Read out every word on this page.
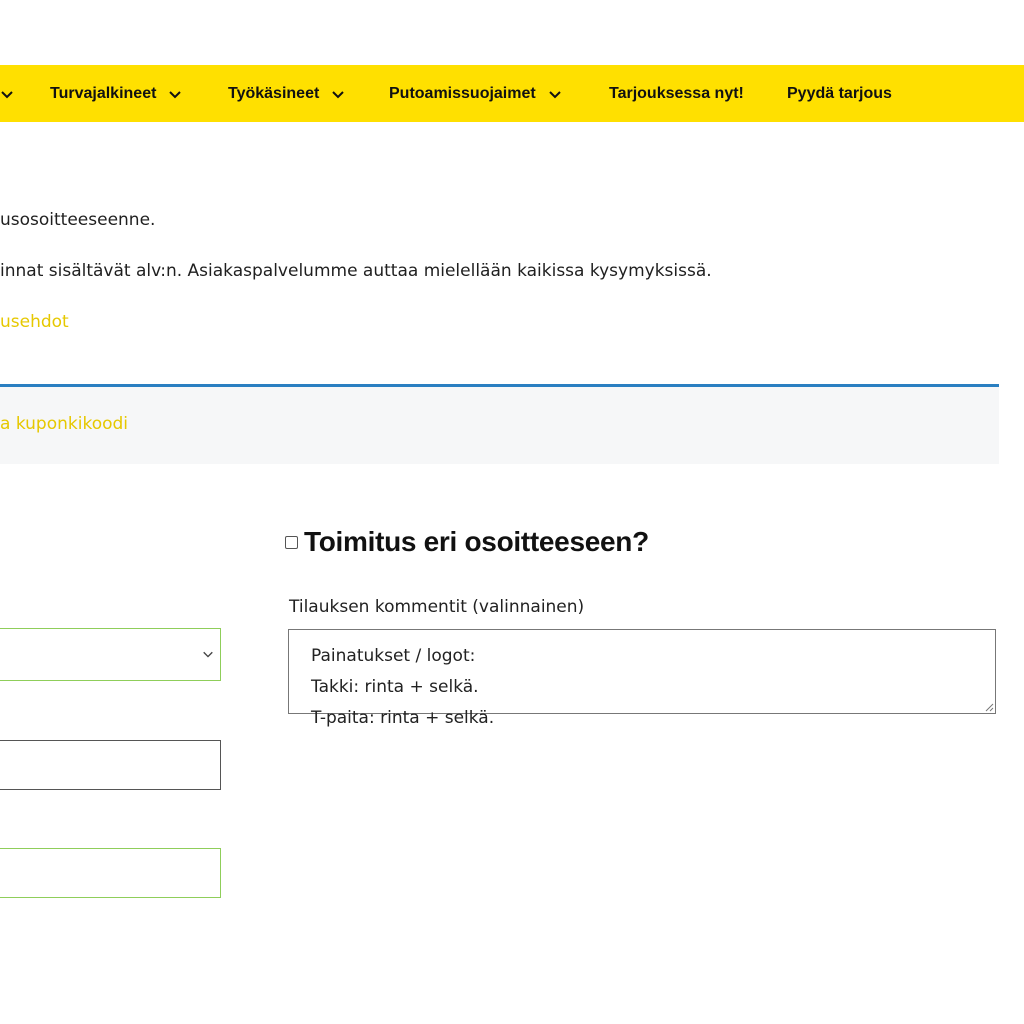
Turvajalkineet	Työkäsineet	Putoamissuojaimet	Tarjouksessa nyt!	Pyydä tarjous
usosoitteeseenne.
innat sisältävät alv:n. Asiakaspalvelumme auttaa mielellään kaikissa kysymyksissä.
usehdot
a kuponkikoodi
Toimitus eri osoitteeseen?
Tilauksen kommentit (valinnainen)
Painatukset / logot:
Takki: rinta + selkä.
T-paita: rinta + selkä.
